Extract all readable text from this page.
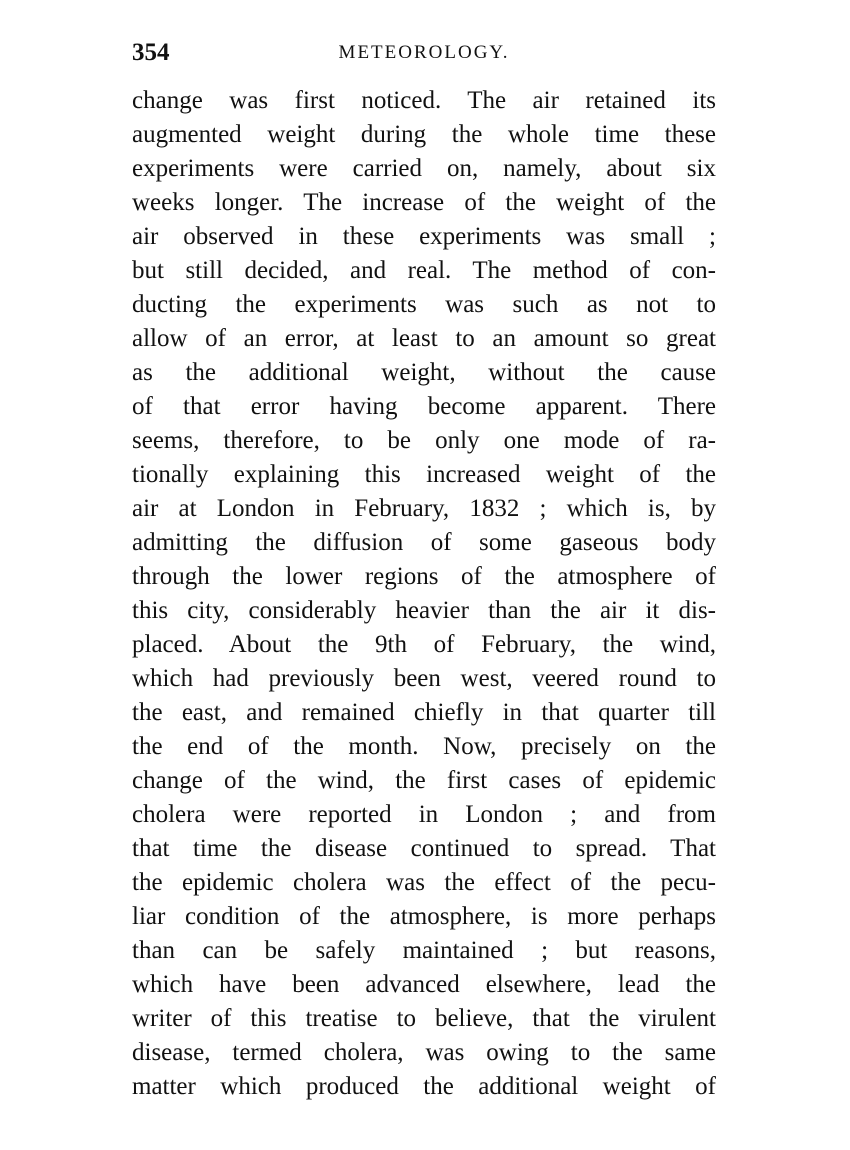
354	METEOROLOGY.
change was first noticed. The air retained its
augmented weight during the whole time these
experiments were carried on, namely, about six
weeks longer. The increase of the weight of the
air observed in these experiments was small ;
but still decided, and real. The method of con-
ducting the experiments was such as not to
allow of an error, at least to an amount so great
as the additional weight, without the cause
of that error having become apparent. There
seems, therefore, to be only one mode of ra-
tionally explaining this increased weight of the
air at London in February, 1832 ; which is, by
admitting the diffusion of some gaseous body
through the lower regions of the atmosphere of
this city, considerably heavier than the air it dis-
placed. About the 9th of February, the wind,
which had previously been west, veered round to
the east, and remained chiefly in that quarter till
the end of the month. Now, precisely on the
change of the wind, the first cases of epidemic
cholera were reported in London ; and from
that time the disease continued to spread. That
the epidemic cholera was the effect of the pecu-
liar condition of the atmosphere, is more perhaps
than can be safely maintained ; but reasons,
which have been advanced elsewhere, lead the
writer of this treatise to believe, that the virulent
disease, termed cholera, was owing to the same
matter which produced the additional weight of
